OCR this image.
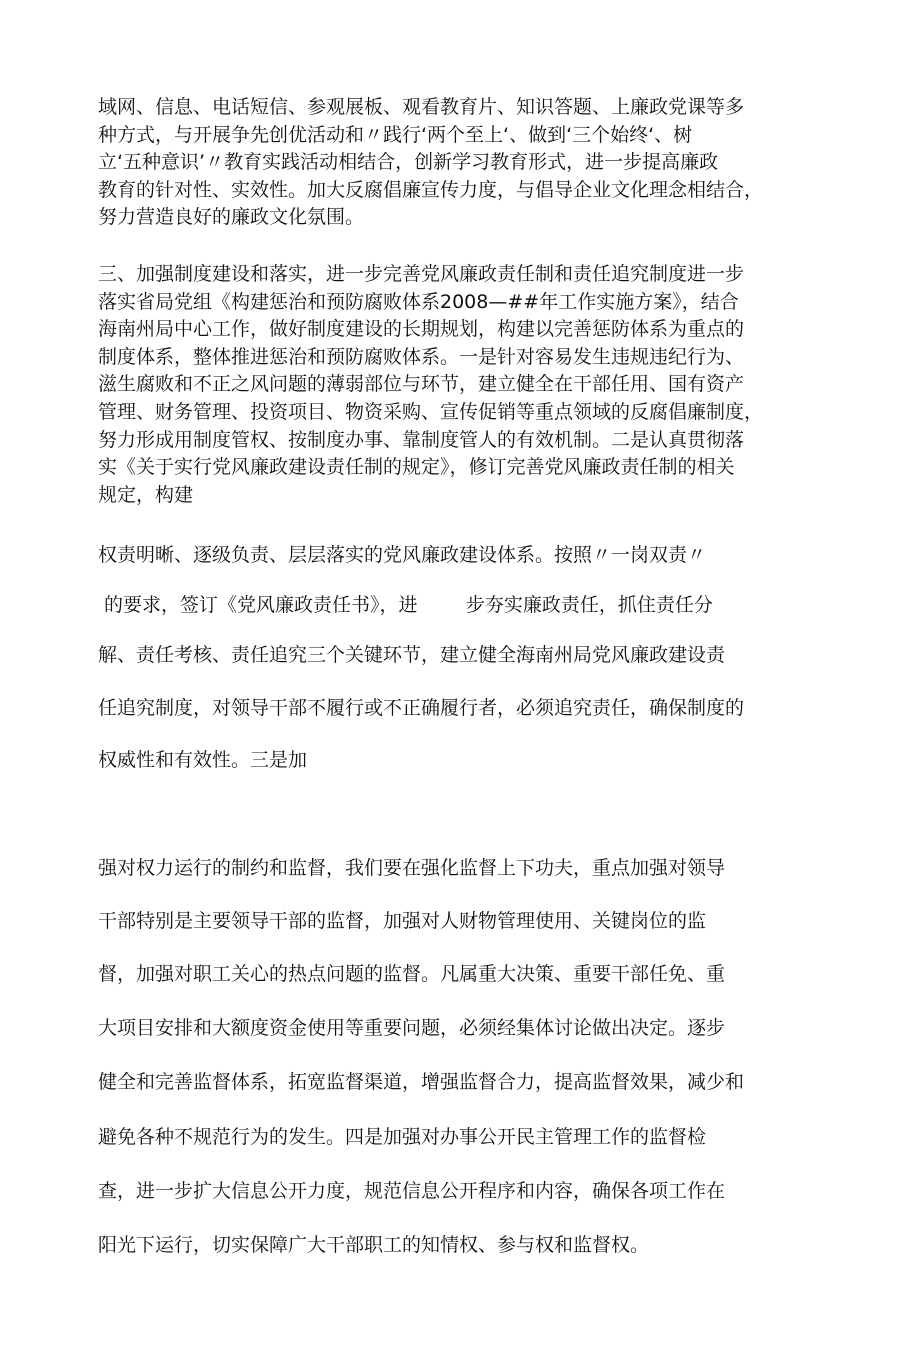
域网、信息、电话短信、参观展板、观看教育片、知识答题、上廉政党课等多
种方式，与开展争先创优活动和〃践行‘两个至上‘、做到‘三个始终‘、树
立‘五种意识’〃教育实践活动相结合，创新学习教育形式，进一步提高廉政
教育的针对性、实效性。加大反腐倡廉宣传力度，与倡导企业文化理念相结合，
努力营造良好的廉政文化氛围。
三、加强制度建设和落实，进一步完善党风廉政责任制和责任追究制度进一步
落实省局党组《构建惩治和预防腐败体系2008—##年工作实施方案》，结合
海南州局中心工作，做好制度建设的长期规划，构建以完善惩防体系为重点的
制度体系，整体推进惩治和预防腐败体系。一是针对容易发生违规违纪行为、
滋生腐败和不正之风问题的薄弱部位与环节，建立健全在干部任用、国有资产
管理、财务管理、投资项目、物资采购、宣传促销等重点领域的反腐倡廉制度，
努力形成用制度管权、按制度办事、靠制度管人的有效机制。二是认真贯彻落
实《关于实行党风廉政建设责任制的规定》，修订完善党风廉政责任制的相关
规定，构建

权责明晰、逐级负责、层层落实的党风廉政建设体系。按照〃一岗双责〃

的要求，签订《党风廉政责任书》，进        步夯实廉政责任，抓住责任分

解、责任考核、责任追究三个关键环节，建立健全海南州局党风廉政建设责

任追究制度，对领导干部不履行或不正确履行者，必须追究责任，确保制度的

权威性和有效性。三是加

强对权力运行的制约和监督，我们要在强化监督上下功夫，重点加强对领导

干部特别是主要领导干部的监督，加强对人财物管理使用、关键岗位的监

督，加强对职工关心的热点问题的监督。凡属重大决策、重要干部任免、重

大项目安排和大额度资金使用等重要问题，必须经集体讨论做出决定。逐步

健全和完善监督体系，拓宽监督渠道，增强监督合力，提高监督效果，减少和

避免各种不规范行为的发生。四是加强对办事公开民主管理工作的监督检

查，进一步扩大信息公开力度，规范信息公开程序和内容，确保各项工作在

阳光下运行，切实保障广大干部职工的知情权、参与权和监督权。
